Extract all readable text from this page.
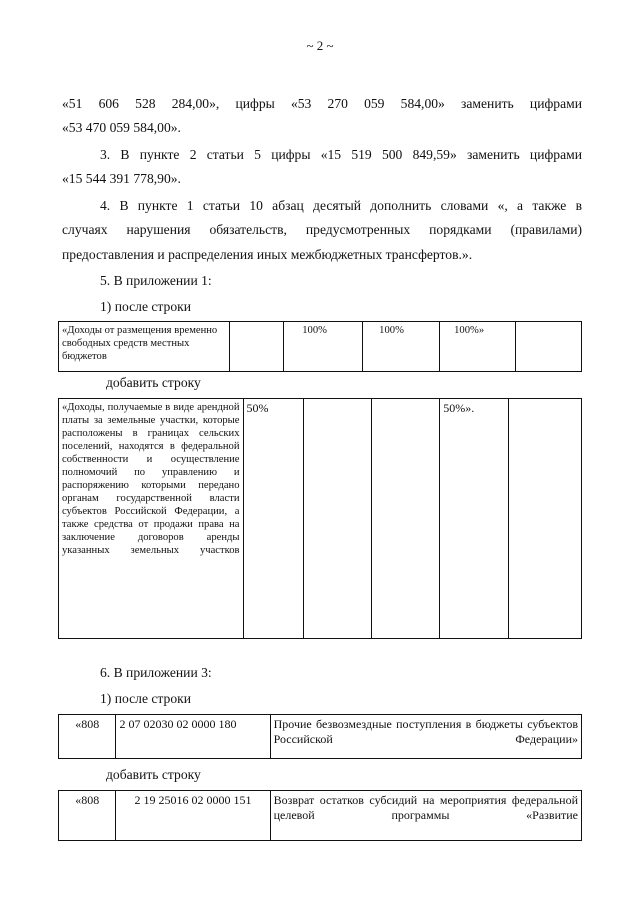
~ 2 ~
«51 606 528 284,00», цифры «53 270 059 584,00» заменить цифрами
«53 470 059 584,00».
3. В пункте 2 статьи 5 цифры «15 519 500 849,59» заменить цифрами
«15 544 391 778,90».
4. В пункте 1 статьи 10 абзац десятый дополнить словами «, а также в
случаях нарушения обязательств, предусмотренных порядками (правилами)
предоставления и распределения иных межбюджетных трансфертов.».
5. В приложении 1:
1) после строки
«Доходы от размещения временно свободных средств местных бюджетов		100%	100%	100%»	
добавить строку
«Доходы, получаемые в виде арендной платы за земельные участки, которые расположены в границах сельских поселений, находятся в федеральной собственности и осуществление полномочий по управлению и распоряжению которыми передано органам государственной власти субъектов Российской Федерации, а также средства от продажи права на заключение договоров аренды указанных земельных участков	50%			50%».	
6. В приложении 3:
1) после строки
«808	2 07 02030 02 0000 180	Прочие безвозмездные поступления в бюджеты субъектов Российской Федерации»
добавить строку
«808	2 19 25016 02 0000 151	Возврат остатков субсидий на мероприятия федеральной целевой программы «Развитие
